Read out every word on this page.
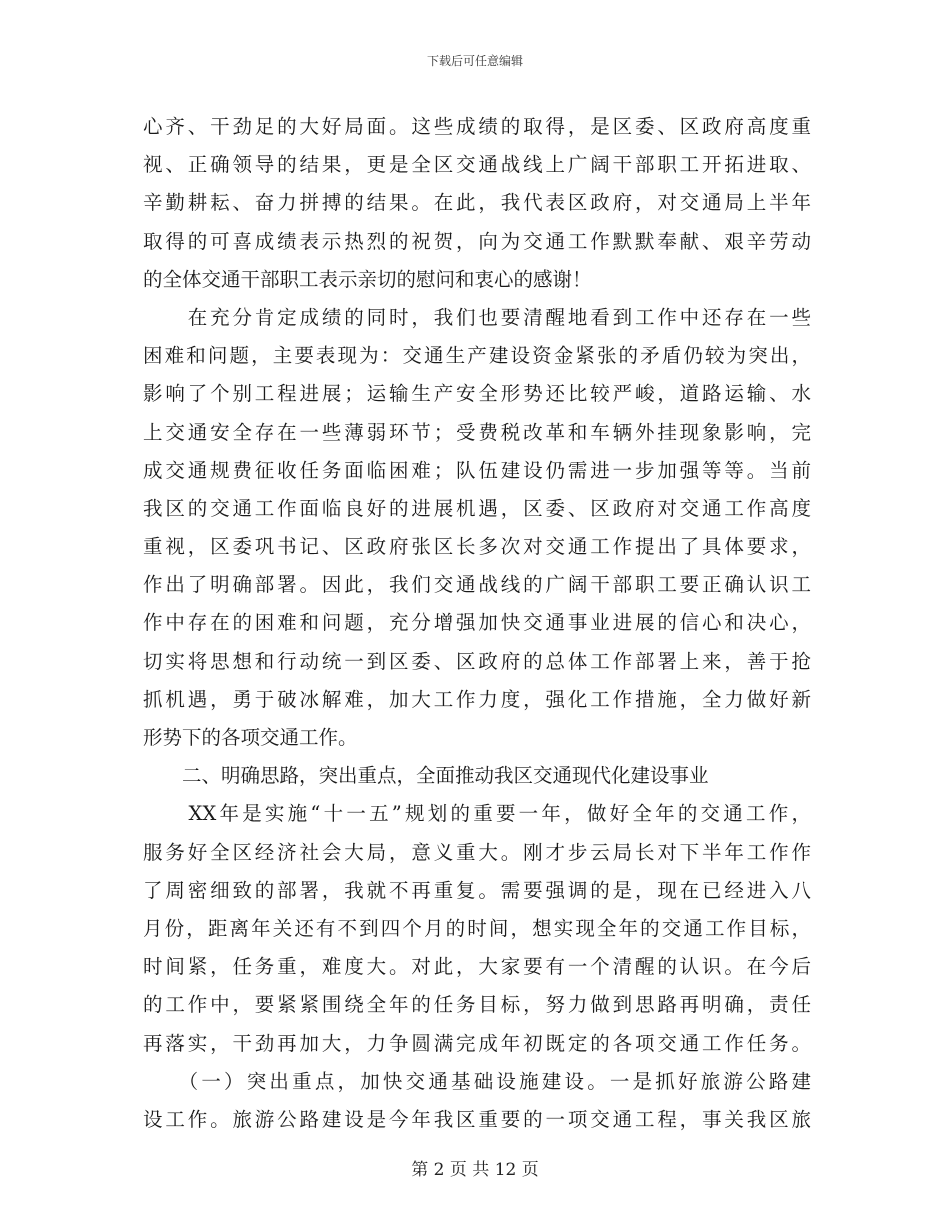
下载后可任意编辑
心齐、干劲足的大好局面。这些成绩的取得，是区委、区政府高度重
视、正确领导的结果，更是全区交通战线上广阔干部职工开拓进取、
辛勤耕耘、奋力拼搏的结果。在此，我代表区政府，对交通局上半年
取得的可喜成绩表示热烈的祝贺，向为交通工作默默奉献、艰辛劳动
的全体交通干部职工表示亲切的慰问和衷心的感谢！
　　在充分肯定成绩的同时，我们也要清醒地看到工作中还存在一些
困难和问题，主要表现为：交通生产建设资金紧张的矛盾仍较为突出，
影响了个别工程进展；运输生产安全形势还比较严峻，道路运输、水
上交通安全存在一些薄弱环节；受费税改革和车辆外挂现象影响，完
成交通规费征收任务面临困难；队伍建设仍需进一步加强等等。当前
我区的交通工作面临良好的进展机遇，区委、区政府对交通工作高度
重视，区委巩书记、区政府张区长多次对交通工作提出了具体要求，
作出了明确部署。因此，我们交通战线的广阔干部职工要正确认识工
作中存在的困难和问题，充分增强加快交通事业进展的信心和决心，
切实将思想和行动统一到区委、区政府的总体工作部署上来，善于抢
抓机遇，勇于破冰解难，加大工作力度，强化工作措施，全力做好新
形势下的各项交通工作。
　　二、明确思路，突出重点，全面推动我区交通现代化建设事业
　　XX年是实施“十一五”规划的重要一年，做好全年的交通工作，
服务好全区经济社会大局，意义重大。刚才步云局长对下半年工作作
了周密细致的部署，我就不再重复。需要强调的是，现在已经进入八
月份，距离年关还有不到四个月的时间，想实现全年的交通工作目标，
时间紧，任务重，难度大。对此，大家要有一个清醒的认识。在今后
的工作中，要紧紧围绕全年的任务目标，努力做到思路再明确，责任
再落实，干劲再加大，力争圆满完成年初既定的各项交通工作任务。
　　（一）突出重点，加快交通基础设施建设。一是抓好旅游公路建
设工作。旅游公路建设是今年我区重要的一项交通工程，事关我区旅
第 2 页 共 12 页
